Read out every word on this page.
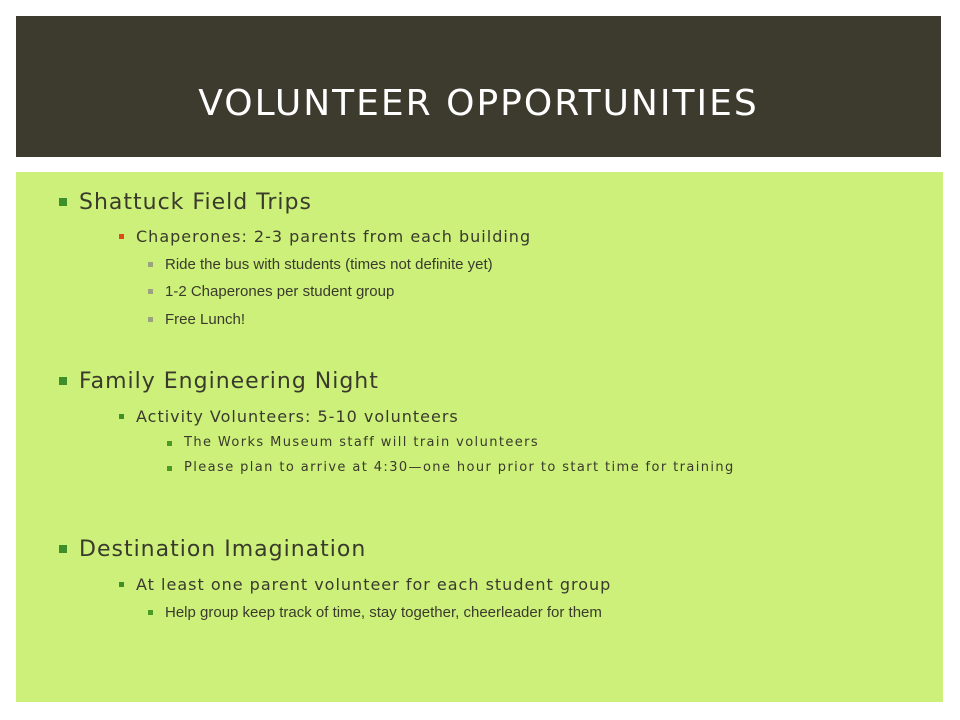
VOLUNTEER OPPORTUNITIES
Shattuck Field Trips
Chaperones: 2-3 parents from each building
Ride the bus with students (times not definite yet)
1-2 Chaperones per student group
Free Lunch!
Family Engineering Night
Activity Volunteers: 5-10 volunteers
The Works Museum staff will train volunteers
Please plan to arrive at 4:30—one hour prior to start time for training
Destination Imagination
At least one parent volunteer for each student group
Help group keep track of time, stay together, cheerleader for them
